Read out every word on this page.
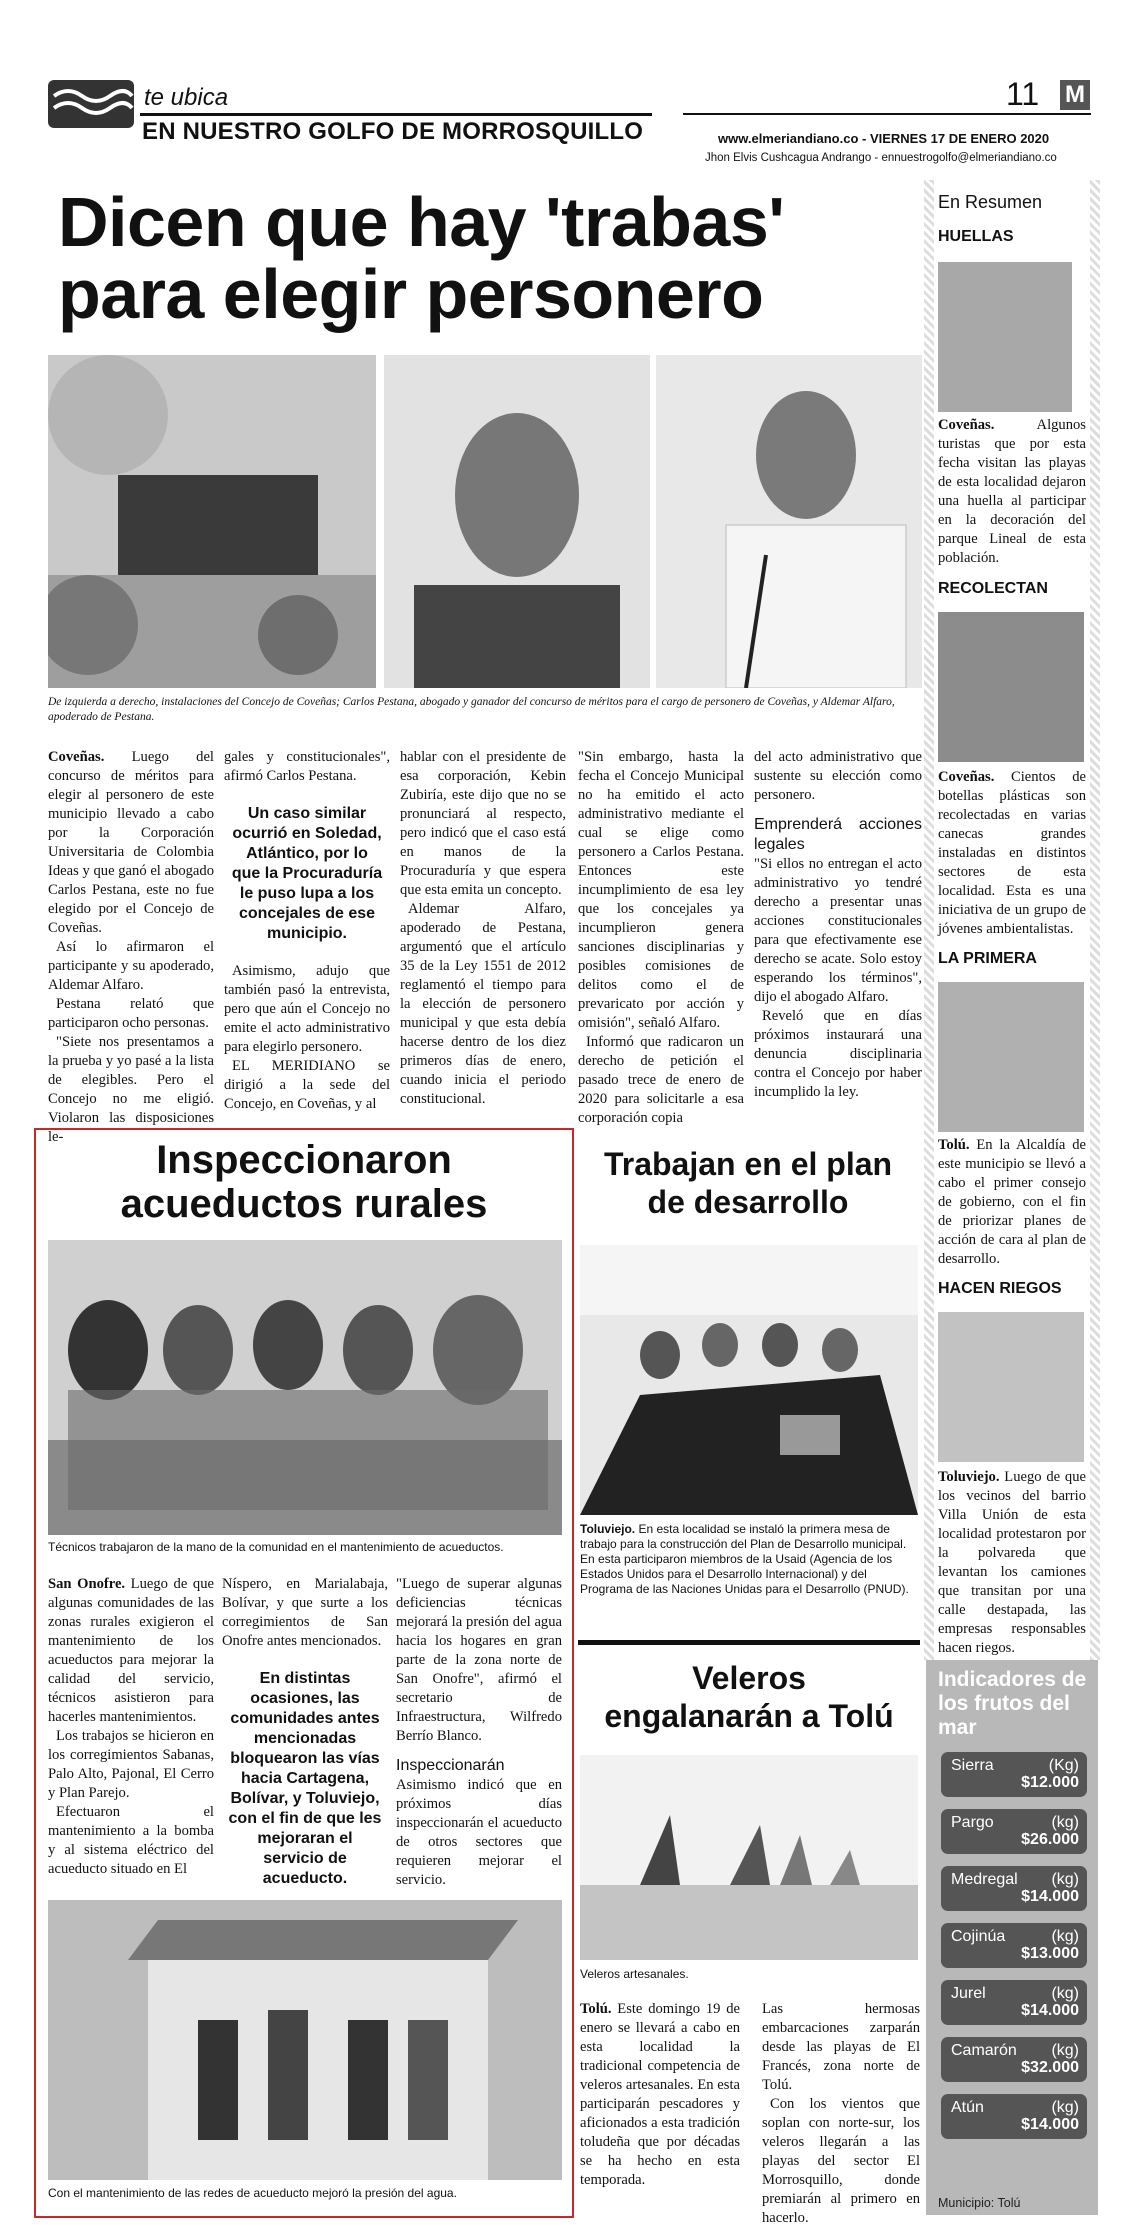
te ubica
EN NUESTRO GOLFO DE MORROSQUILLO
11 M
www.elmeriandiano.co - VIERNES 17 DE ENERO 2020
Jhon Elvis Cushcagua Andrango - ennuestrogolfo@elmeriandiano.co
Dicen que hay 'trabas'
para elegir personero
De izquierda a derecho, instalaciones del Concejo de Coveñas; Carlos Pestana, abogado y ganador del concurso de méritos para el cargo de personero de Coveñas, y Aldemar Alfaro, apoderado de Pestana.

Coveñas. Luego del concurso de méritos para elegir al personero de este municipio llevado a cabo por la Corporación Universitaria de Colombia Ideas y que ganó el abogado Carlos Pestana, este no fue elegido por el Concejo de Coveñas.

Así lo afirmaron el participante y su apoderado, Aldemar Alfaro.

Pestana relató que participaron ocho personas.

"Siete nos presentamos a la prueba y yo pasé a la lista de elegibles. Pero el Concejo no me eligió. Violaron las disposiciones le-

gales y constitucionales", afirmó Carlos Pestana.

Un caso similar ocurrió en Soledad, Atlántico, por lo que la Procuraduría le puso lupa a los concejales de ese municipio.

Asimismo, adujo que también pasó la entrevista, pero que aún el Concejo no emite el acto administrativo para elegirlo personero.

EL MERIDIANO se dirigió a la sede del Concejo, en Coveñas, y al

hablar con el presidente de esa corporación, Kebin Zubiría, este dijo que no se pronunciará al respecto, pero indicó que el caso está en manos de la Procuraduría y que espera que esta emita un concepto.

Aldemar Alfaro, apoderado de Pestana, argumentó que el artículo 35 de la Ley 1551 de 2012 reglamentó el tiempo para la elección de personero municipal y que esta debía hacerse dentro de los diez primeros días de enero, cuando inicia el periodo constitucional.

"Sin embargo, hasta la fecha el Concejo Municipal no ha emitido el acto administrativo mediante el cual se elige como personero a Carlos Pestana. Entonces este incumplimiento de esa ley que los concejales ya incumplieron genera sanciones disciplinarias y posibles comisiones de delitos como el de prevaricato por acción y omisión", señaló Alfaro.

Informó que radicaron un derecho de petición el pasado trece de enero de 2020 para solicitarle a esa corporación copia

del acto administrativo que sustente su elección como personero.

Emprenderá acciones legales

"Si ellos no entregan el acto administrativo yo tendré derecho a presentar unas acciones constitucionales para que efectivamente ese derecho se acate. Solo estoy esperando los términos", dijo el abogado Alfaro.

Reveló que en días próximos instaurará una denuncia disciplinaria contra el Concejo por haber incumplido la ley.

Inspeccionaron
acueductos rurales
Técnicos trabajaron de la mano de la comunidad en el mantenimiento de acueductos.

San Onofre. Luego de que algunas comunidades de las zonas rurales exigieron el mantenimiento de los acueductos para mejorar la calidad del servicio, técnicos asistieron para hacerles mantenimientos.

Los trabajos se hicieron en los corregimientos Sabanas, Palo Alto, Pajonal, El Cerro y Plan Parejo.

Efectuaron el mantenimiento a la bomba y al sistema eléctrico del acueducto situado en El

Níspero, en Marialabaja, Bolívar, y que surte a los corregimientos de San Onofre antes mencionados.

En distintas ocasiones, las comunidades antes mencionadas bloquearon las vías hacia Cartagena, Bolívar, y Toluviejo, con el fin de que les mejoraran el servicio de acueducto.

"Luego de superar algunas deficiencias técnicas mejorará la presión del agua hacia los hogares en gran parte de la zona norte de San Onofre", afirmó el secretario de Infraestructura, Wilfredo Berrío Blanco.

Inspeccionarán

Asimismo indicó que en próximos días inspeccionarán el acueducto de otros sectores que requieren mejorar el servicio.

Con el mantenimiento de las redes de acueducto mejoró la presión del agua.
Trabajan en el plan
de desarrollo
Toluviejo. En esta localidad se instaló la primera mesa de trabajo para la construcción del Plan de Desarrollo municipal. En esta participaron miembros de la Usaid (Agencia de los Estados Unidos para el Desarrollo Internacional) y del Programa de las Naciones Unidas para el Desarrollo (PNUD).
Veleros
engalanarán a Tolú
Veleros artesanales.

Tolú. Este domingo 19 de enero se llevará a cabo en esta localidad la tradicional competencia de veleros artesanales. En esta participarán pescadores y aficionados a esta tradición toludeña que por décadas se ha hecho en esta temporada.

Las hermosas embarcaciones zarparán desde las playas de El Francés, zona norte de Tolú.

Con los vientos que soplan con norte-sur, los veleros llegarán a las playas del sector El Morrosquillo, donde premiarán al primero en hacerlo.

En Resumen
HUELLAS
Coveñas. Algunos turistas que por esta fecha visitan las playas de esta localidad dejaron una huella al participar en la decoración del parque Lineal de esta población.
RECOLECTAN
Coveñas. Cientos de botellas plásticas son recolectadas en varias canecas grandes instaladas en distintos sectores de esta localidad. Esta es una iniciativa de un grupo de jóvenes ambientalistas.
LA PRIMERA
Tolú. En la Alcaldía de este municipio se llevó a cabo el primer consejo de gobierno, con el fin de priorizar planes de acción de cara al plan de desarrollo.
HACEN RIEGOS
Toluviejo. Luego de que los vecinos del barrio Villa Unión de esta localidad protestaron por la polvareda que levantan los camiones que transitan por una calle destapada, las empresas responsables hacen riegos.
Indicadores de los frutos del mar
Sierra	(Kg)
$12.000
Pargo	(kg)
$26.000
Medregal (kg)
$14.000
Cojinúa	(kg)
$13.000
Jurel	(kg)
$14.000
Camarón (kg)
$32.000
Atún	(kg)
$14.000
Municipio: Tolú
